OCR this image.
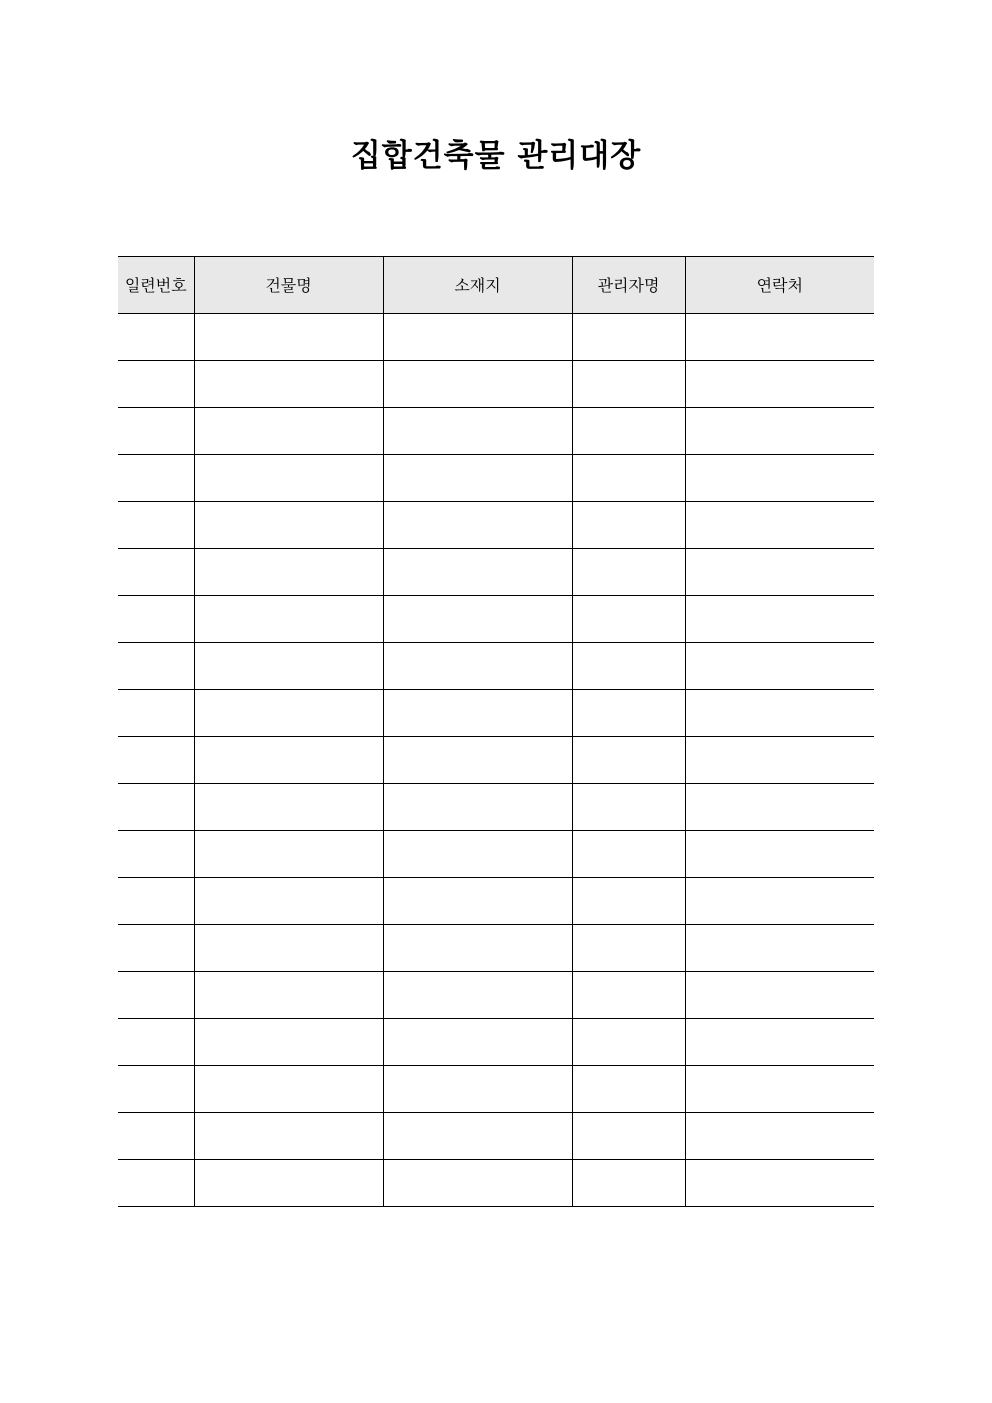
집합건축물 관리대장
일련번호	건물명	소재지	관리자명	연락처
